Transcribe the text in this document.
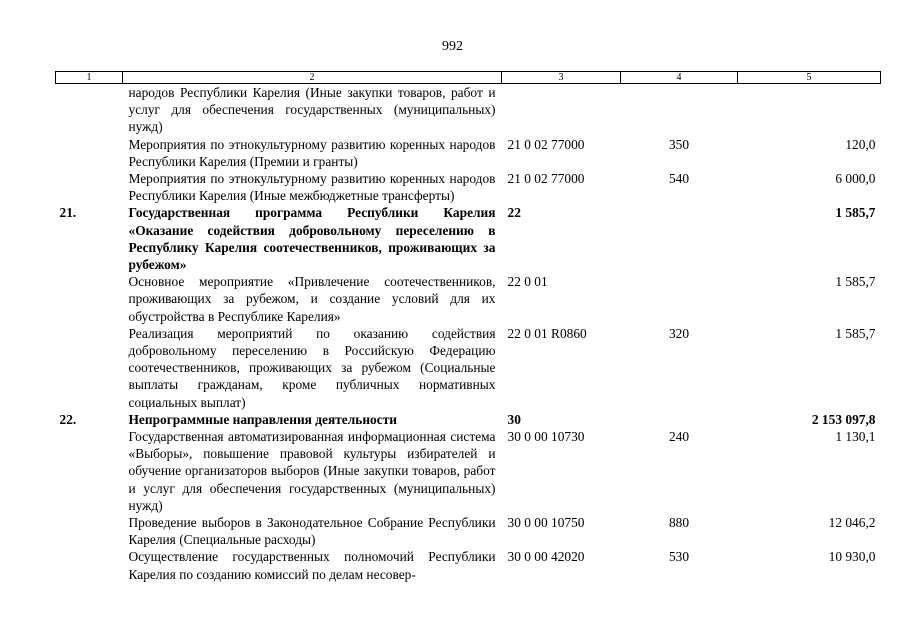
992
1	2	3	4	5
	народов Республики Карелия (Иные закупки товаров, работ и услуг для обеспечения государственных (муниципальных) нужд)			
	Мероприятия по этнокультурному развитию коренных народов Республики Карелия (Премии и гранты)	21 0 02 77000	350	120,0
	Мероприятия по этнокультурному развитию коренных народов Республики Карелия (Иные межбюджетные трансферты)	21 0 02 77000	540	6 000,0
21.	Государственная программа Республики Карелия «Оказание содействия добровольному переселению в Республику Карелия соотечественников, проживающих за рубежом»	22		1 585,7
	Основное мероприятие «Привлечение соотечественников, проживающих за рубежом, и создание условий для их обустройства в Республике Карелия»	22 0 01		1 585,7
	Реализация мероприятий по оказанию содействия добровольному переселению в Российскую Федерацию соотечественников, проживающих за рубежом (Социальные выплаты гражданам, кроме публичных нормативных социальных выплат)	22 0 01 R0860	320	1 585,7
22.	Непрограммные направления деятельности	30		2 153 097,8
	Государственная автоматизированная информационная система «Выборы», повышение правовой культуры избирателей и обучение организаторов выборов (Иные закупки товаров, работ и услуг для обеспечения государственных (муниципальных) нужд)	30 0 00 10730	240	1 130,1
	Проведение выборов в Законодательное Собрание Республики Карелия (Специальные расходы)	30 0 00 10750	880	12 046,2
	Осуществление государственных полномочий Республики Карелия по созданию комиссий по делам несовер-	30 0 00 42020	530	10 930,0
